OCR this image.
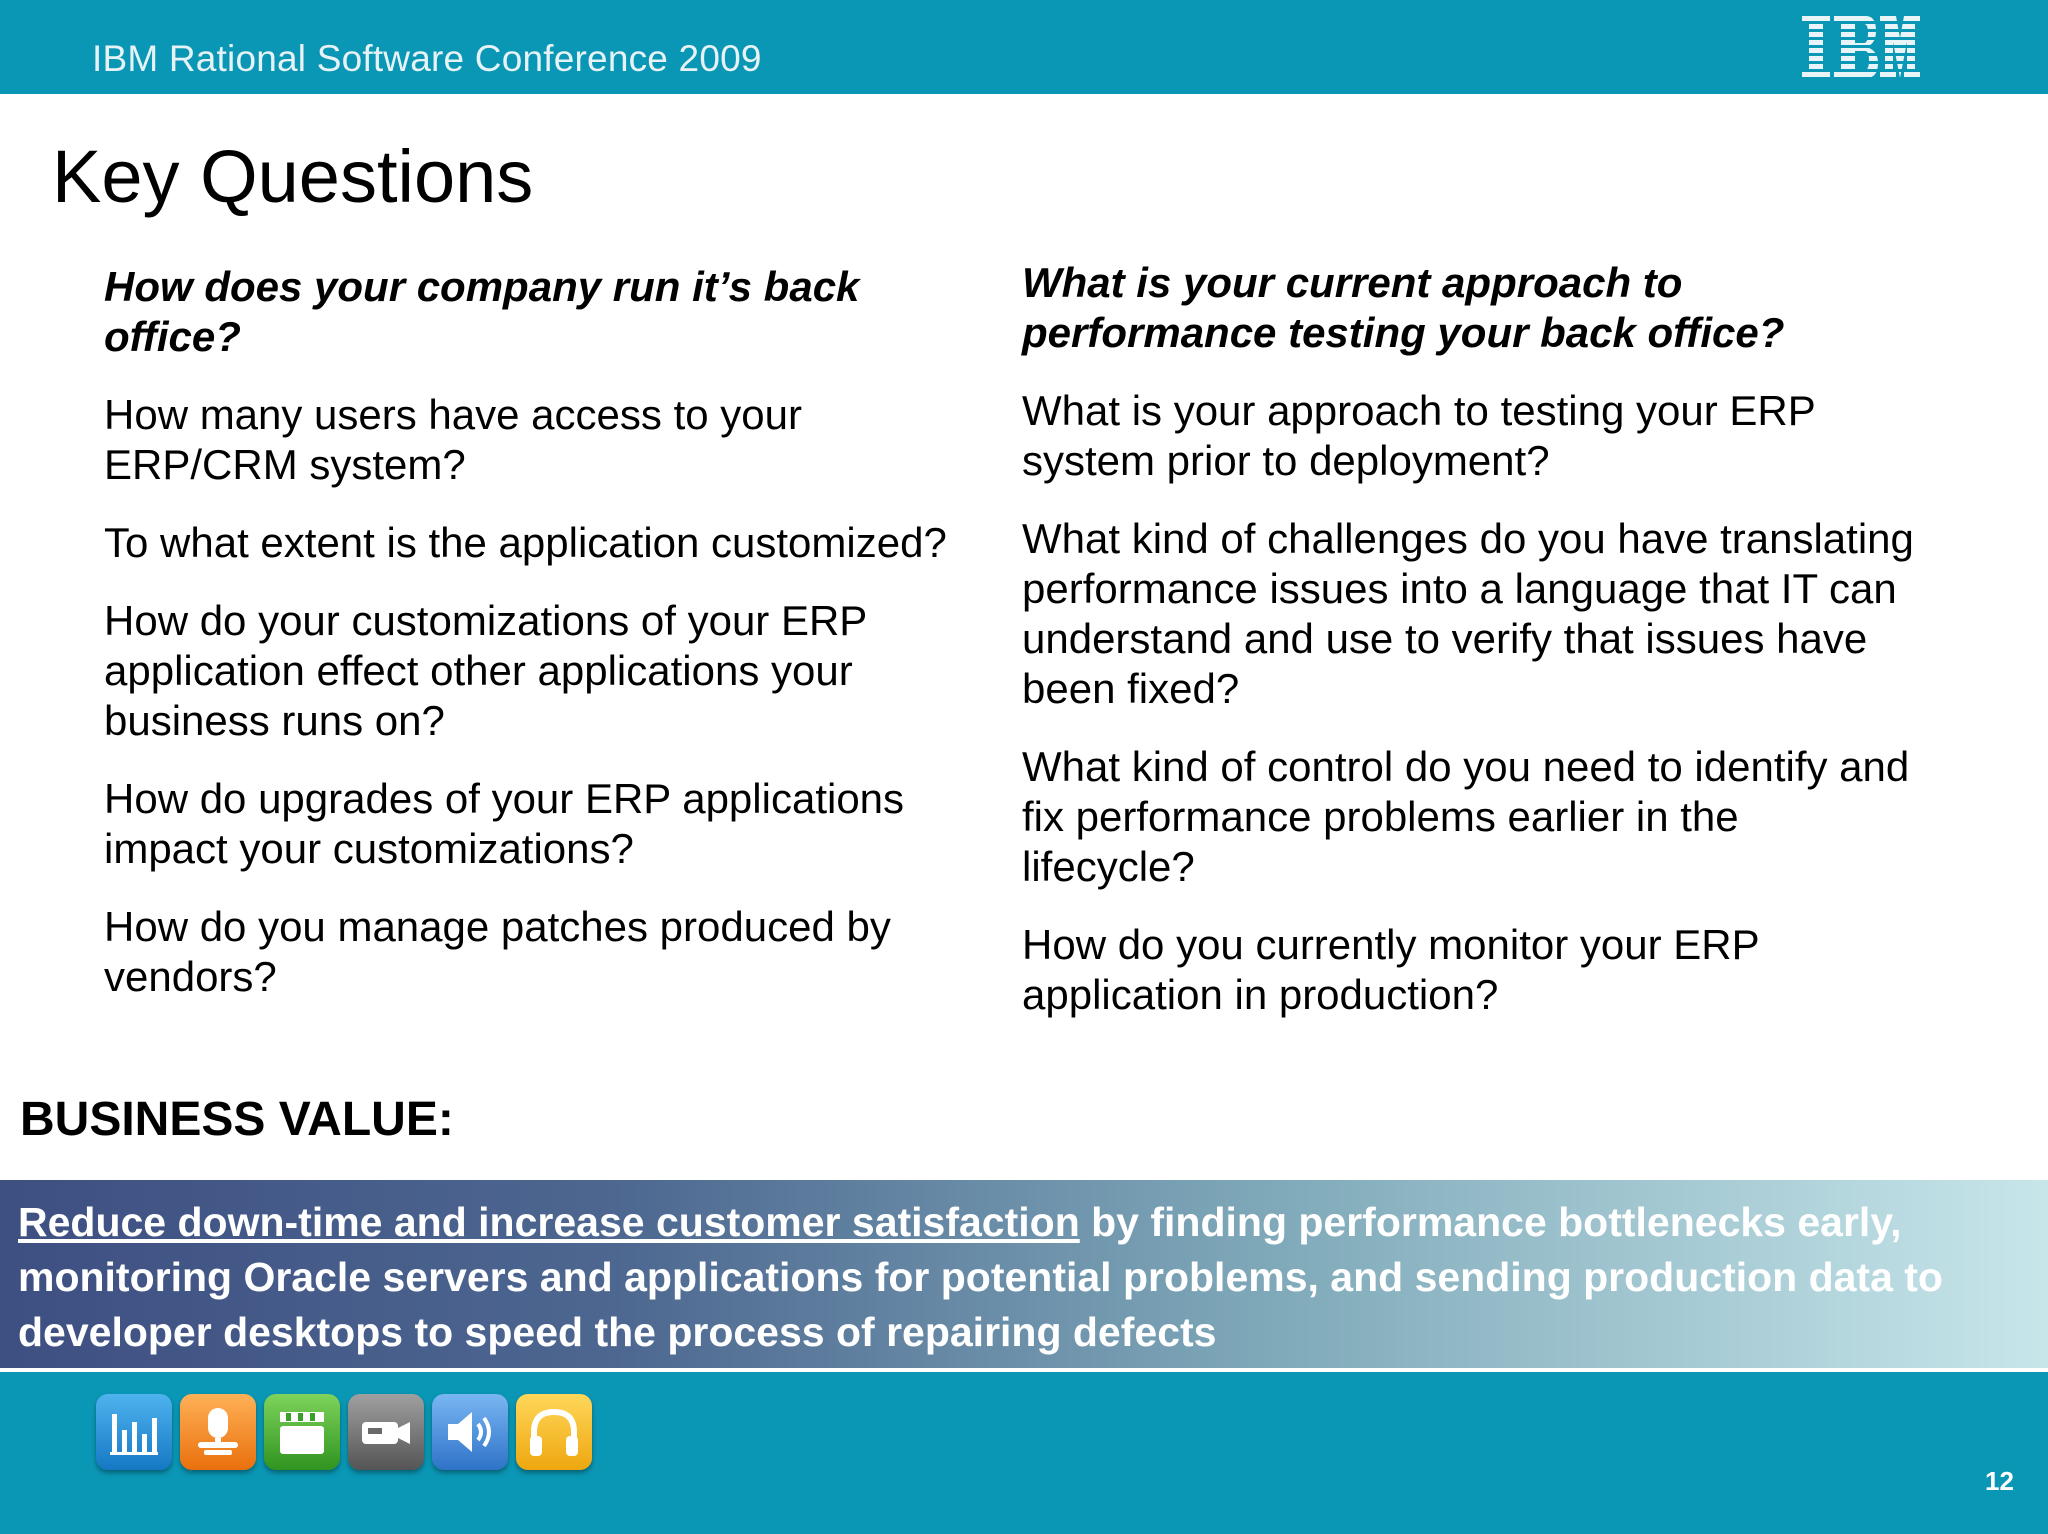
IBM Rational Software Conference 2009
Key Questions

How does your company run it’s back office?

How many users have access to your ERP/CRM system?

To what extent is the application customized?

How do your customizations of your ERP application effect other applications your business runs on?

How do upgrades of your ERP applications impact your customizations?

How do you manage patches produced by vendors?

What is your current approach to performance testing your back office?

What is your approach to testing your ERP system prior to deployment?

What kind of challenges do you have translating performance issues into a language that IT can understand and use to verify that issues have been fixed?

What kind of control do you need to identify and fix performance problems earlier in the lifecycle?

How do you currently monitor your ERP application in production?

BUSINESS VALUE:
Reduce down-time and increase customer satisfaction by finding performance bottlenecks early, monitoring Oracle servers and applications for potential problems, and sending production data to developer desktops to speed the process of repairing defects
12
